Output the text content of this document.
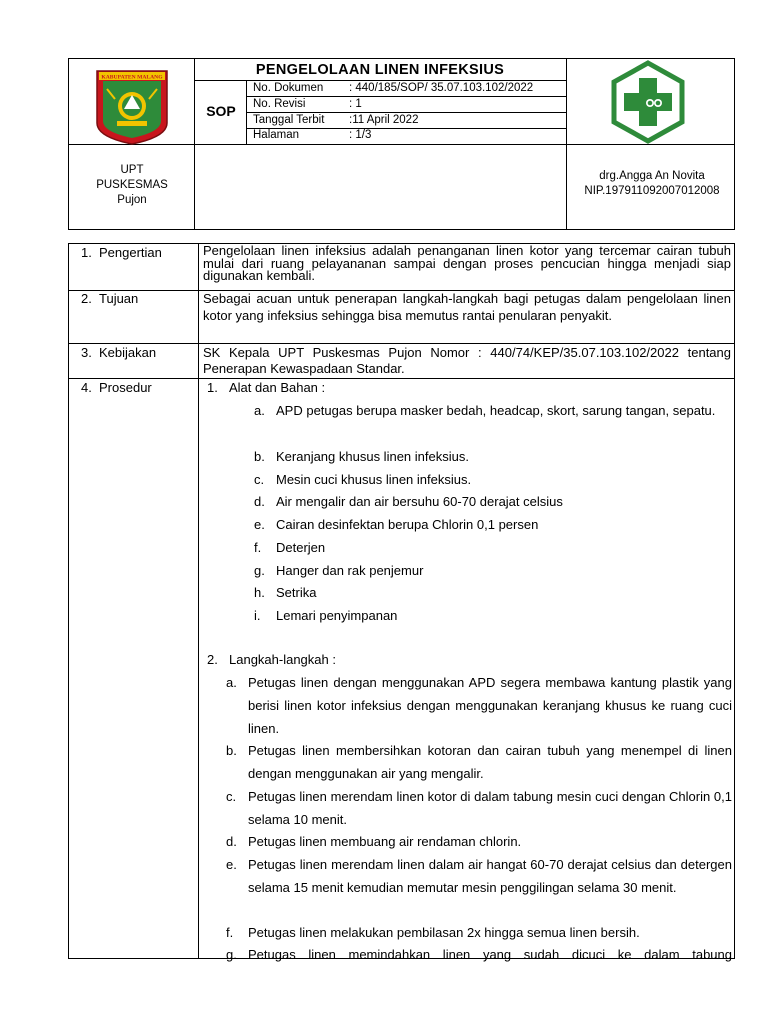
KABUPATEN MALANG	PENGELOLAAN LINEN INFEKSIUS
SOP
No. Dokumen : 440/185/SOP/ 35.07.103.102/2022
No. Revisi	: 1
Tanggal Terbit :11 April 2022
Halaman	: 1/3
UPT
PUSKESMAS
Pujon
drg.Angga An Novita
NIP.197911092007012008
1. Pengertian	Pengelolaan linen infeksius adalah penanganan linen kotor yang tercemar cairan tubuh mulai dari ruang pelayananan sampai dengan proses pencucian hingga menjadi siap digunakan kembali.
2. Tujuan	Sebagai acuan untuk penerapan langkah-langkah bagi petugas dalam pengelolaan linen kotor yang infeksius sehingga bisa memutus rantai penularan penyakit.
3. Kebijakan	SK Kepala UPT Puskesmas Pujon Nomor : 440/74/KEP/35.07.103.102/2022 tentang Penerapan Kewaspadaan Standar.
4. Prosedur	1. Alat dan Bahan :
a. APD petugas berupa masker bedah, headcap, skort, sarung tangan, sepatu.
b. Keranjang khusus linen infeksius.
c. Mesin cuci khusus linen infeksius.
d. Air mengalir dan air bersuhu 60-70 derajat celsius
e. Cairan desinfektan berupa Chlorin 0,1 persen
f. Deterjen
g. Hanger dan rak penjemur
h. Setrika
i. Lemari penyimpanan
2. Langkah-langkah :
a. Petugas linen dengan menggunakan APD segera membawa kantung plastik yang berisi linen kotor infeksius dengan menggunakan keranjang khusus ke ruang cuci linen.
b. Petugas linen membersihkan kotoran dan cairan tubuh yang menempel di linen dengan menggunakan air yang mengalir.
c. Petugas linen merendam linen kotor di dalam tabung mesin cuci dengan Chlorin 0,1 selama 10 menit.
d. Petugas linen membuang air rendaman chlorin.
e. Petugas linen merendam linen dalam air hangat 60-70 derajat celsius dan detergen selama 15 menit kemudian memutar mesin penggilingan selama 30 menit.
f. Petugas linen melakukan pembilasan 2x hingga semua linen bersih.
g. Petugas linen memindahkan linen yang sudah dicuci ke dalam tabung
